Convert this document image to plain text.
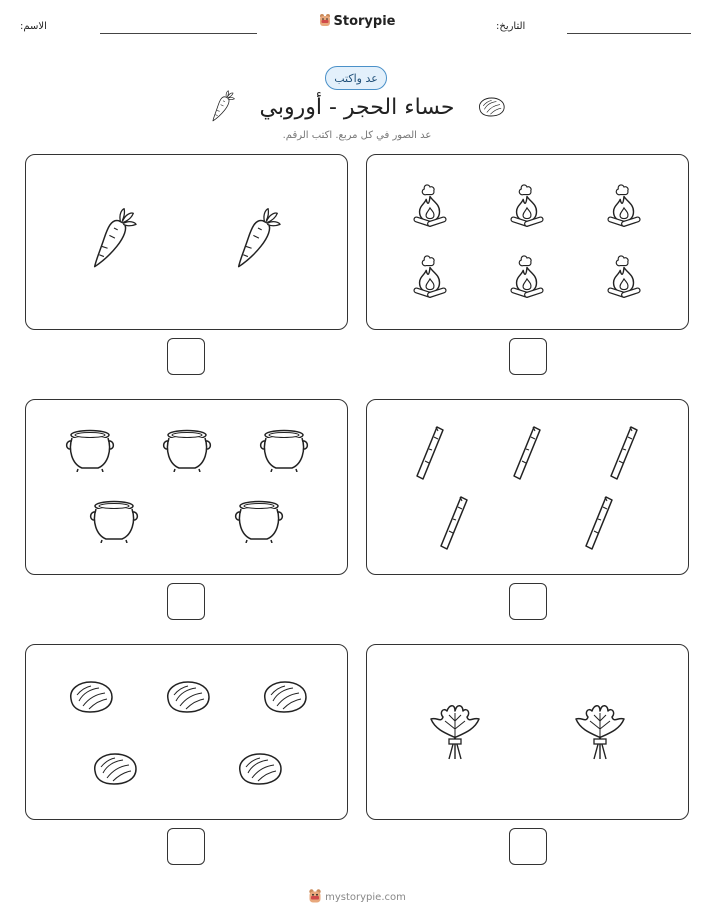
الاسم:	Storypie	التاريخ:
عد واكتب
حساء الحجر - أوروبي
عد الصور في كل مربع. اكتب الرقم.
mystorypie.com
